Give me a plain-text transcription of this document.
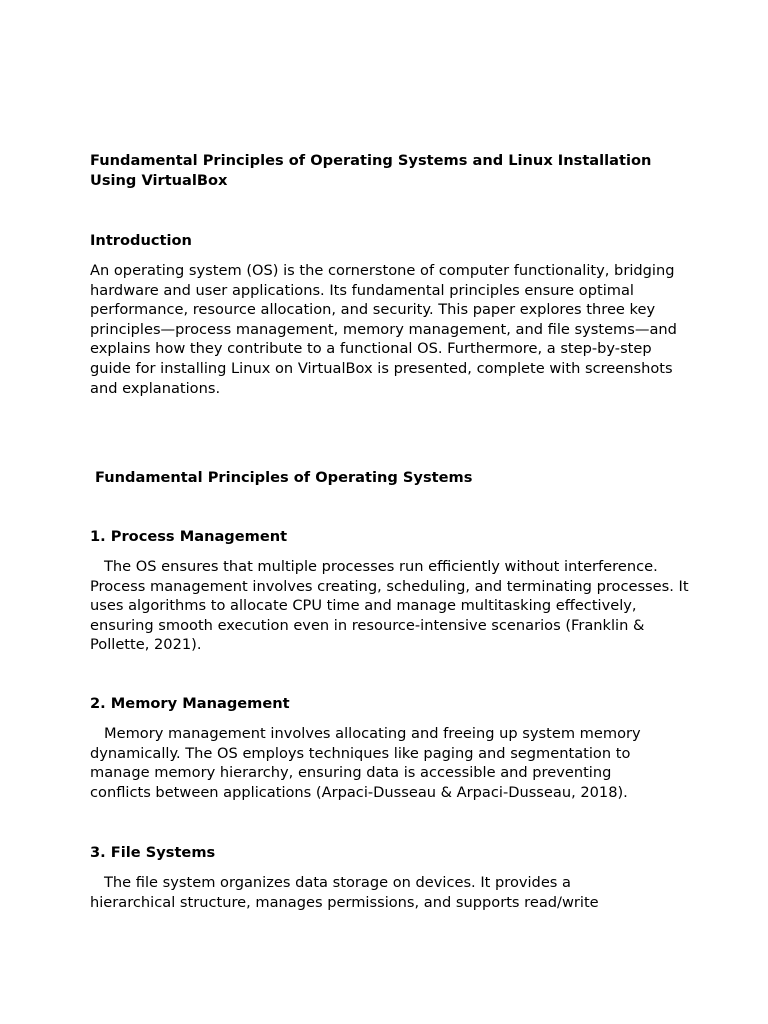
Fundamental Principles of Operating Systems and Linux Installation Using VirtualBox
Introduction

An operating system (OS) is the cornerstone of computer functionality, bridging hardware and user applications. Its fundamental principles ensure optimal performance, resource allocation, and security. This paper explores three key principles—process management, memory management, and file systems—and explains how they contribute to a functional OS. Furthermore, a step-by-step guide for installing Linux on VirtualBox is presented, complete with screenshots and explanations.

Fundamental Principles of Operating Systems
1. Process Management

The OS ensures that multiple processes run efficiently without interference. Process management involves creating, scheduling, and terminating processes. It uses algorithms to allocate CPU time and manage multitasking effectively, ensuring smooth execution even in resource-intensive scenarios (Franklin & Pollette, 2021).

2. Memory Management

Memory management involves allocating and freeing up system memory dynamically. The OS employs techniques like paging and segmentation to manage memory hierarchy, ensuring data is accessible and preventing conflicts between applications (Arpaci-Dusseau & Arpaci-Dusseau, 2018).

3. File Systems

The file system organizes data storage on devices. It provides a hierarchical structure, manages permissions, and supports read/write
